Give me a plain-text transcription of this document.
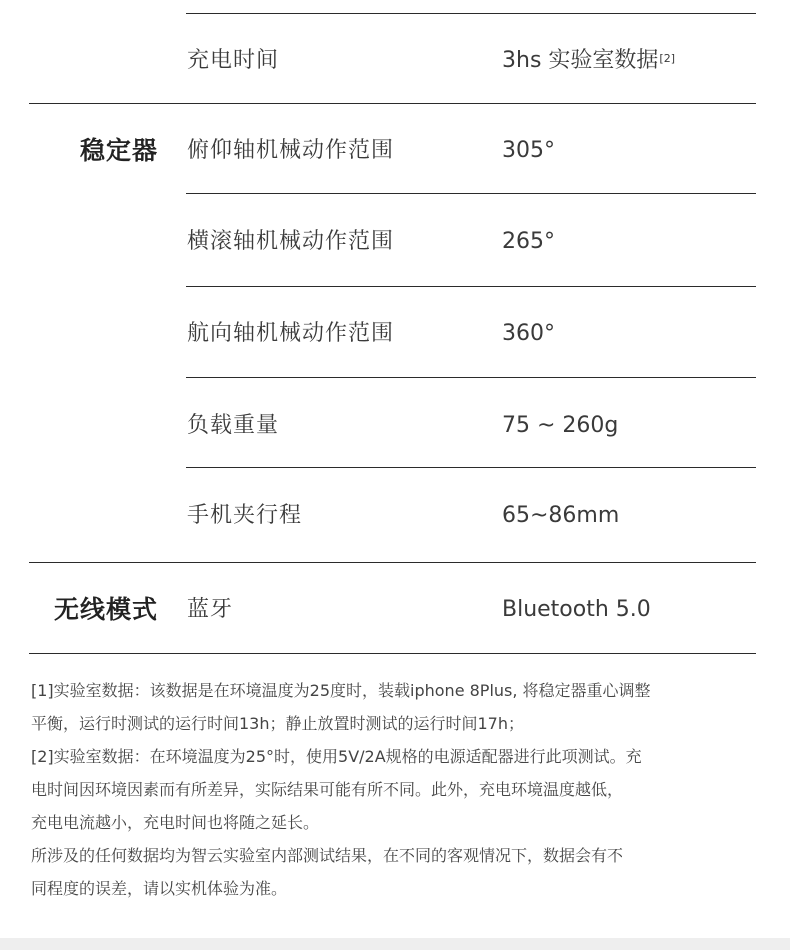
充电时间	3hs 实验室数据[2]
稳定器 俯仰轴机械动作范围	305°
横滚轴机械动作范围	265°
航向轴机械动作范围	360°
负载重量	75 ~ 260g
手机夹行程	65~86mm
无线模式 蓝牙	Bluetooth 5.0

[1]实验室数据：该数据是在环境温度为25度时，装载iphone 8Plus, 将稳定器重心调整

平衡，运行时测试的运行时间13h；静止放置时测试的运行时间17h；

[2]实验室数据：在环境温度为25°时，使用5V/2A规格的电源适配器进行此项测试。充

电时间因环境因素而有所差异，实际结果可能有所不同。此外，充电环境温度越低，

充电电流越小，充电时间也将随之延长。

所涉及的任何数据均为智云实验室内部测试结果，在不同的客观情况下，数据会有不

同程度的误差，请以实机体验为准。
